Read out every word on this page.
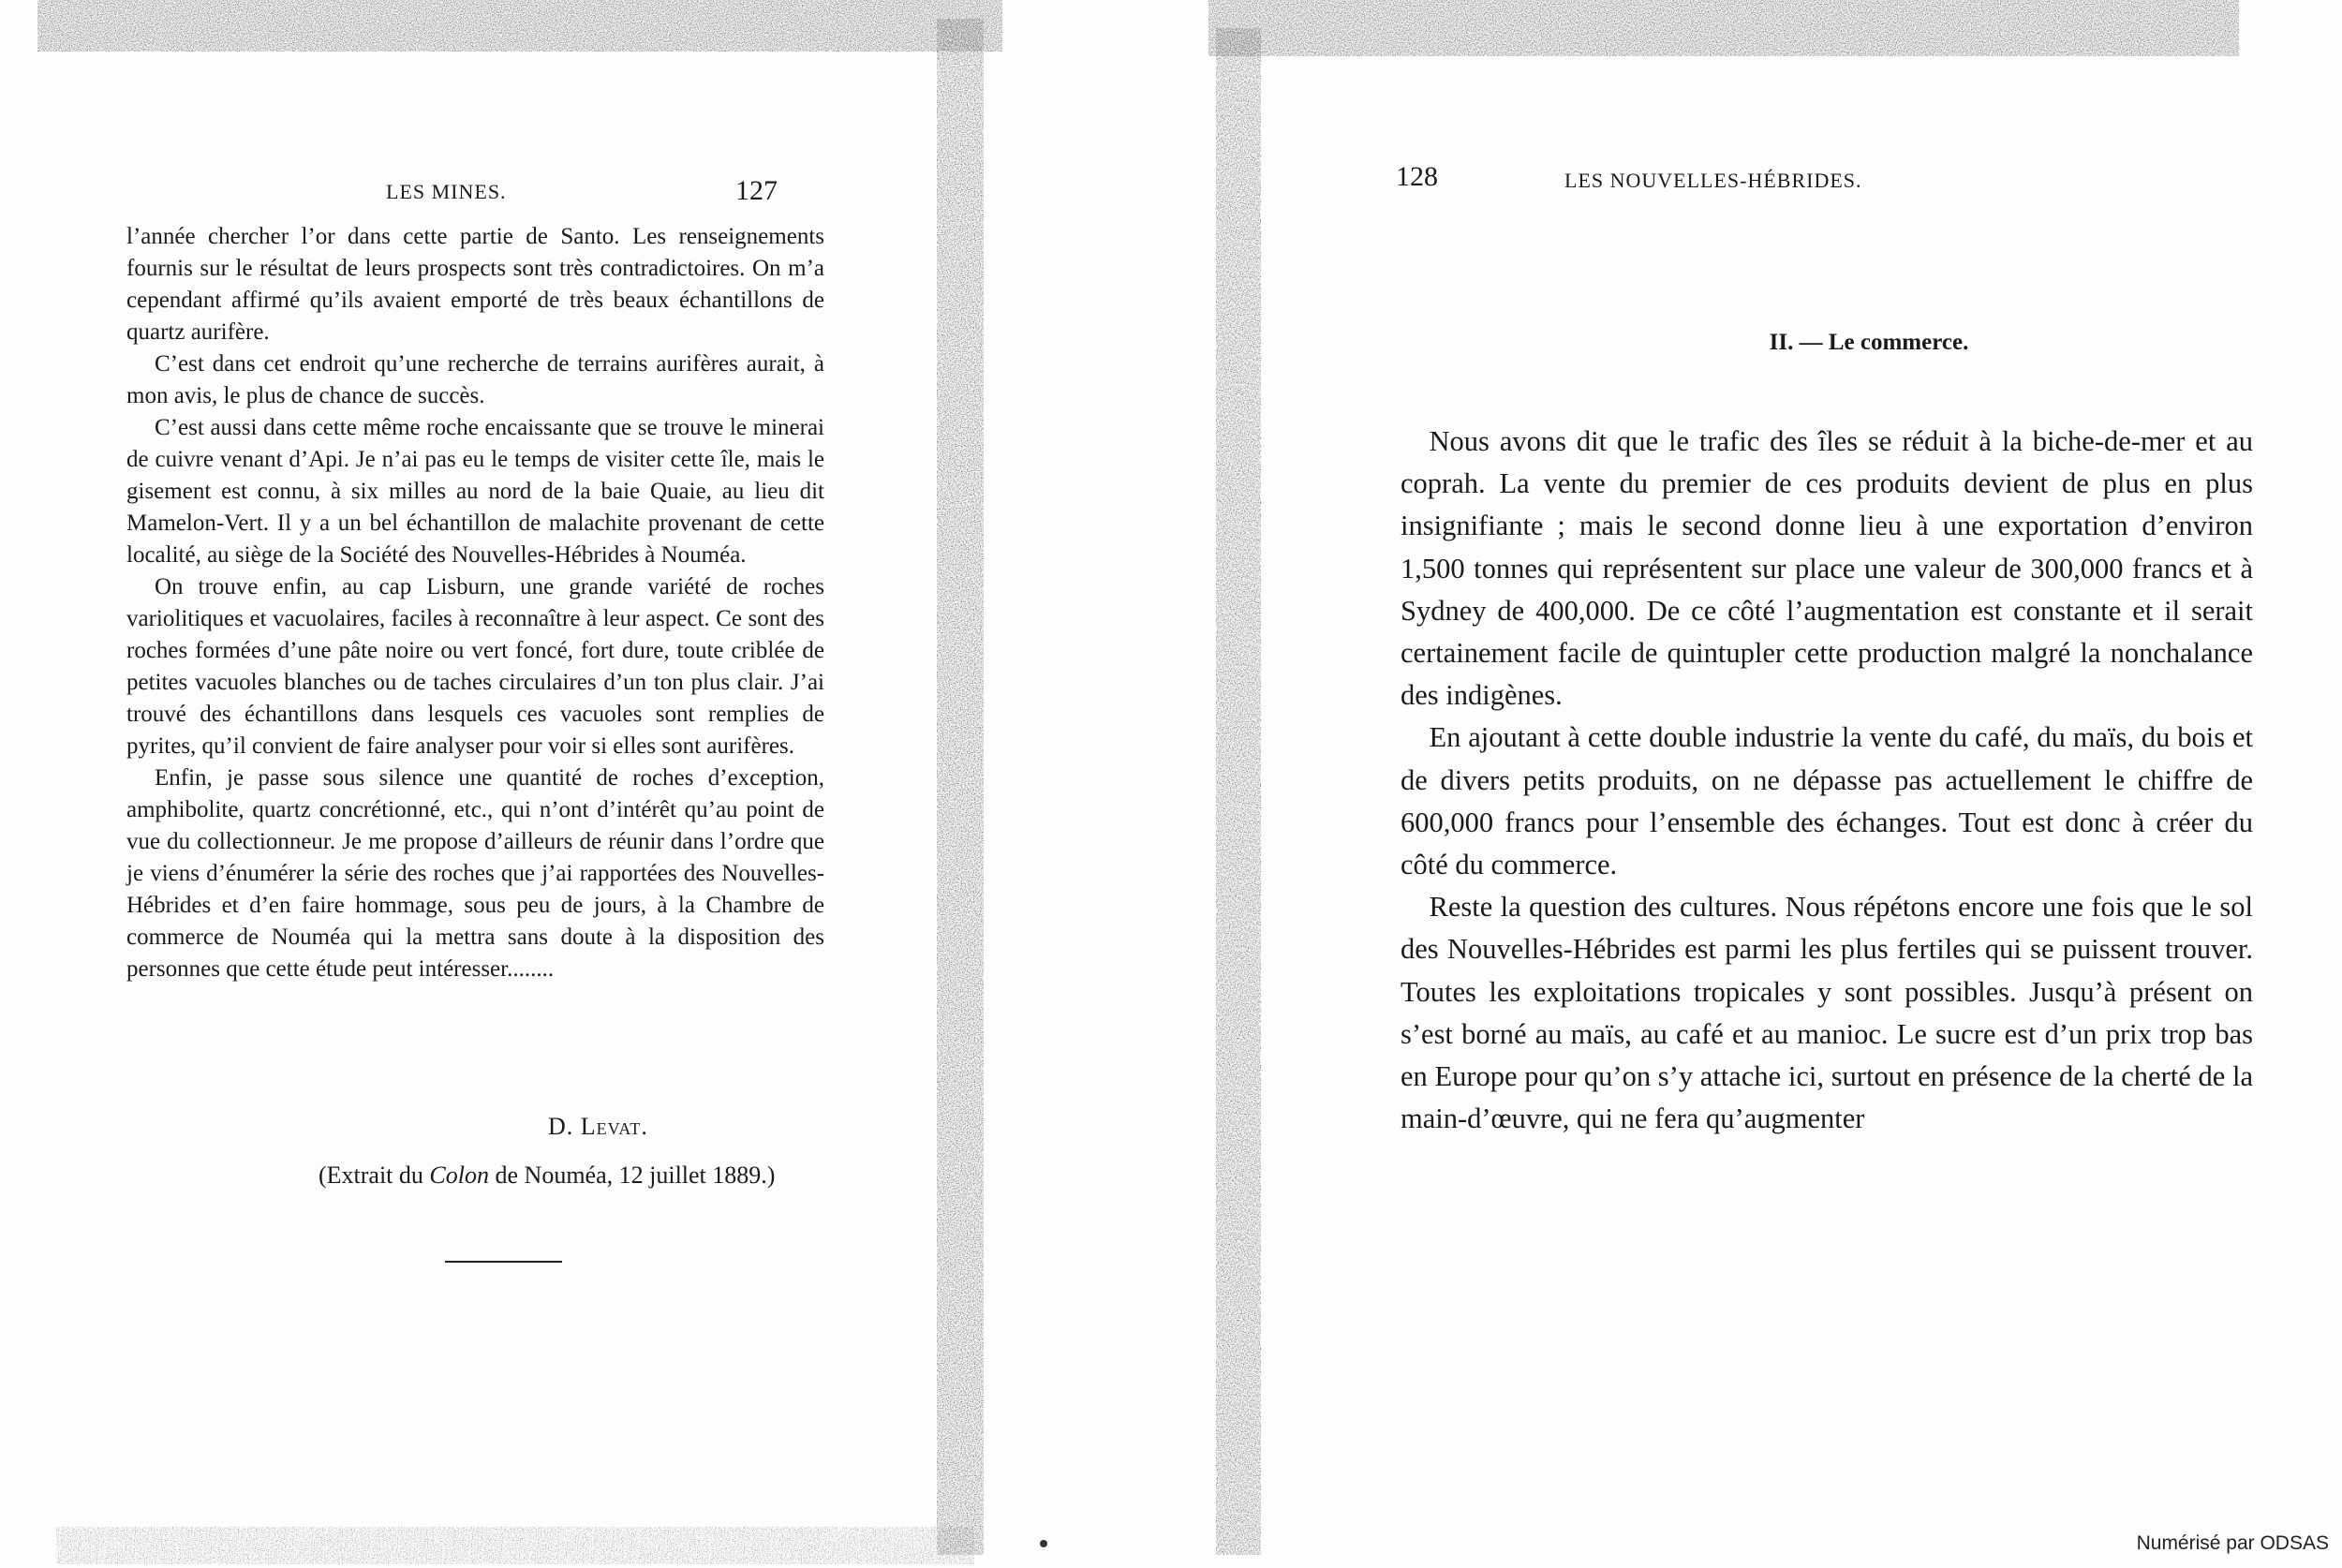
LES MINES.	127

l’année chercher l’or dans cette partie de Santo. Les renseignements fournis sur le résultat de leurs prospects sont très contradictoires. On m’a cependant affirmé qu’ils avaient emporté de très beaux échantillons de quartz aurifère.

C’est dans cet endroit qu’une recherche de terrains aurifères aurait, à mon avis, le plus de chance de succès.

C’est aussi dans cette même roche encaissante que se trouve le minerai de cuivre venant d’Api. Je n’ai pas eu le temps de visiter cette île, mais le gisement est connu, à six milles au nord de la baie Quaie, au lieu dit Mamelon-Vert. Il y a un bel échantillon de malachite provenant de cette localité, au siège de la Société des Nouvelles-Hébrides à Nouméa.

On trouve enfin, au cap Lisburn, une grande variété de roches variolitiques et vacuolaires, faciles à reconnaître à leur aspect. Ce sont des roches formées d’une pâte noire ou vert foncé, fort dure, toute criblée de petites vacuoles blanches ou de taches circulaires d’un ton plus clair. J’ai trouvé des échantillons dans lesquels ces vacuoles sont remplies de pyrites, qu’il convient de faire analyser pour voir si elles sont aurifères.

Enfin, je passe sous silence une quantité de roches d’exception, amphibolite, quartz concrétionné, etc., qui n’ont d’intérêt qu’au point de vue du collectionneur. Je me propose d’ailleurs de réunir dans l’ordre que je viens d’énumérer la série des roches que j’ai rapportées des Nouvelles-Hébrides et d’en faire hommage, sous peu de jours, à la Chambre de commerce de Nouméa qui la mettra sans doute à la disposition des personnes que cette étude peut intéresser........

D. Levat.
(Extrait du Colon de Nouméa, 12 juillet 1889.)
128	LES NOUVELLES-HÉBRIDES.
II. — Le commerce.

Nous avons dit que le trafic des îles se réduit à la biche-de-mer et au coprah. La vente du premier de ces produits devient de plus en plus insignifiante ; mais le second donne lieu à une exportation d’environ 1,500 tonnes qui représentent sur place une valeur de 300,000 francs et à Sydney de 400,000. De ce côté l’augmentation est constante et il serait certainement facile de quintupler cette production malgré la nonchalance des indigènes.

En ajoutant à cette double industrie la vente du café, du maïs, du bois et de divers petits produits, on ne dépasse pas actuellement le chiffre de 600,000 francs pour l’ensemble des échanges. Tout est donc à créer du côté du commerce.

Reste la question des cultures. Nous répétons encore une fois que le sol des Nouvelles-Hébrides est parmi les plus fertiles qui se puissent trouver. Toutes les exploitations tropicales y sont possibles. Jusqu’à présent on s’est borné au maïs, au café et au manioc. Le sucre est d’un prix trop bas en Europe pour qu’on s’y attache ici, surtout en présence de la cherté de la main-d’œuvre, qui ne fera qu’augmenter

Numérisé par ODSAS
